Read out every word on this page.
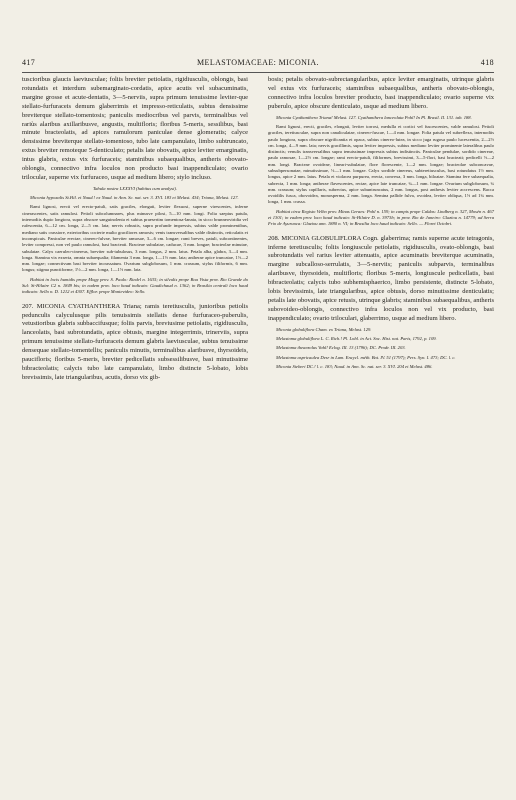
417	MELASTOMACEAE: MICONIA.	418

tuscioribus glaucis laeviusculae; foliis breviter petiolatis, rigidiusculis, oblongis, basi rotundatis et interdum subemarginato-cordatis, apice acutis vel subacuminatis, margine grosse et acute-dentatis, 3—5-nerviis, supra primum tenuissime leviter-que stellato-furfuraceis demum glaberrimis et impresso-reticulatis, subtus densissime breviterque stellato-tomentosis; paniculis mediocribus vel parvis, terminalibus vel rariùs alaribus axillaribusve, angustis, multifloris; floribus 5-meris, sessilibus, basi minute bracteolatis, ad apices ramulorum paniculae dense glomeratis; calyce densissime breviterque stellato-tomentoso, tubo late campanulato, limbo subtruncato, extus breviter remoteque 5-denticulato; petalis late obovatis, apice leviter emarginatis, intus glabris, extus vix furfuraceis; staminibus subaequalibus, antheris obovato-oblongis, connectivo infra loculos non producto basi inappendiculato; ovario trilocular, superne vix furfuraceo, usque ad medium libero; stylo incluso.

Tabula nostra LXXXVI (habitus cum analysi).

Miconia hypoxalis St.Hil. et Naud.! ex Naud. in Ann. Sc. nat. ser. 3. XVI. 183 et Melast. 434; Triana, Melast. 127.

Rami lignosi, erecti vel erecto-patuli, satis graciles, elongati, leviter flexuosi, superne virescentes, inferne cinerascentes, satis ramulosi. Petioli subcolumnares, plus minusve pilosi, 5—10 mm. longi. Folia saepius patula, internodiis dupio longiora, supra obscure sanguinolenta et subtus praesertim tomentosa-lanata, in sicco brunneoviridia vel rufescentia, 6—12 cm. longa, 2—5 cm. lata; nervis robustis, supra profunde impressis, subtus valde prominentibus, mediano satis crassiore, exterioribus cocterie multo graciliores ramosis; venis transversalibus valde distinctis, reticulatis et inconspicuis. Paniculae erectae, cinereo-fulvae, breviter ramosae, 3—6 cm. longae; rami breves, patuli, subcontinentes, leviter compressi, non vel paulo ramulosi, basi bracteati. Bracteae subulatae, caducae, 3 mm. longae; bracteolae minutae, subulatae. Calyx caeruleo-cinereus, breviter sub-tubulosus, 3 mm. longus, 2 mm. latus. Petala alba, glabra, 3—4 mm. longa. Stamina vix exserta, omnia subaequalia; filamenta 3 mm. longa, 1—1½ mm. lata; antherae apice truncatae, 1½—2 mm. longae; connectivum basi breviter incrassatum. Ovarium subglobosum, 1 mm. crassum, stylus filiformis, 6 mm. longus; stigma punctiforme, 1½—2 mm. longa, 1—1½ mm. lata.

Habitat in locis humidis prope Mogy prov. S. Paulo: Riedel n. 1635; in silvulis prope Boa Vista prov. Rio Grande do Sul: St-Hilaire C2 n. 1849 bis; in eadem prov. loco haud indicato: Gaudichaud n. 1362; in Brasilia centrali loco haud indicato: Sello n. D. 1212 et 4307. Efflor. prope Montevideo: Sello.

207. MICONIA CYATHANTHERA Triana; ramis teretiusculis, junioribus petiolis pedunculis calyculusque pilis tenuissimis stellatis dense furfuraceo-puberulis, vetustioribus glabris subbaccifusque; foliis parvis, breviusime petiolatis, rigidiusculis, lanceolatis, basi subrotundatis, apice obtusis, margine integerrimis, trinerviis, supra primum tenuissime stellato-furfuraceis demum glabris laeviusculae, subtus tenuissime densequae stellato-tomentellis; paniculis minutis, terminalibus alaribusve, thyrsoideis, paucifloris; floribus 5-meris, breviter pedicellatis subsessilibusve, basi minutissime bibracteolatis; calycis tubo late campanulato, limbo distincte 5-lobato, lobis brevissimis, late triangularibus, acutis, dorso vix gib-

bosis; petalis obovato-subrectangularibus, apice leviter emarginatis, utrinque glabris vel extus vix furfuraceis; staminibus subaequalibus, antheris obovato-oblongis, connectivo infra loculos breviter producto, basi inappendiculato; ovario superne vix puberulo, apice obscure denticulato, usque ad medium libero.

Miconia Cyathanthera Triana! Melast. 127. Cyathanthera lanceolata Pohl! In Pl. Brasil. II. 131. tab. 188.

Rami lignosi, erecti, graciles, elongati, leviter torrosi, medulla et cortici vel fuscescentes, valde ramulosi. Petioli graciles, teretiusculae, supra non canaliculatae, cinereo-fuscae, 1—4 mm. longae. Folia patula vel subreflexa, internodiis paulo longiora, supra obscure nigrificantia et opaca, subtus cinereo-lutea, in sicco juga rugosa paulo lucescentia, 2—2½ cm. longa, 4—9 mm. lata; nervis gracillimis, supra leviter impressis, subtus mediano leviter prominente lateralibus paulo distinctis; venulis transversalibus supra tenuissimae impressis subtus indistinctis. Paniculae pendulae, sordido cinereae, paulo ramosae, 1—2½ cm. longae; rami erecto-patuli, filiformes, brevissimi, 3—5-flori, basi bracteati; pedicelli ½—2 mm. longi. Bracteae ovoideae, lineari-subulatae, flore florescente, 1—2 mm. longae; bracteolae subconcavae, subsubpersonatae, minutissimae, ½—1 mm. longae. Calyx sordide cinereus, subteretiusculus, basi rotundatus 1½ mm. longus, apice 2 mm. latus. Petala et violacea purpurea, erecta, convexa, 3 mm. longa, biloatae. Stamina fere subaequalia, subrecta, 1 mm. longa; antherae flavescentes, rectae, apice late truncatae, ¾—1 mm. longae. Ovarium subglobosum, ¾ mm. crassum; stylus capillaris, subrectus, apice subuntruncatus, 2 mm. longus, post anthesis leviter accrescens. Bacca ovoidilis fusca, obovoidea, monosperma, 2 mm. longa. Semina pallide fulva, ovoidea, leviter obliqua, 1½ ad 1¾ mm. longa, 1 mm. crassa.

Habitat circa Registo Velho prov. Minas Geraes: Pohl n. 159; in campis prope Caldas: Lindberg n. 327, Mosén n. 467 et 1301; in eadem prov. loco haud indicato: St-Hilaire D. n. 3973b; in prov. Rio de Janeiro: Glaziou n. 14779; ad Serra Frio de Ayuruoca: Glaziou ann. 1880 n. VI; in Brasilia loco haud indicato: Sello. — Floret Octobri.

208. MICONIA GLOBULIFLORA Cogn. glaberrima; ramis superne acute tetragonis, inferne teretiusculis; foliis longiuscule petiolatis, rigidiusculis, ovato-oblongis, basi subrotundatis vel rarius leviter attenuatis, apice acuminatis breviterque acuminatis, margine subcalloso-serrulatis, 3—5-nerviis; paniculis subparvis, terminalibus alaribusve, thyrsoideis, multifloris; floribus 5-meris, longiuscule pedicellatis, basi bibracteolatis; calycis tubo subhemisphaerico, limbo persistente, distincte 5-lobato, lobis brevissimis, late triangularibus, apice obtusis, dorso minutissime denticulatis; petalis late obovatis, apice retusis, utrinque glabris; staminibus subaequalibus, antheris subovoideo-oblongis, connectivo infra loculos non vel vix producto, basi inappendiculato; ovario triloculari, glaberrimo, usque ad medium libero.

Miconia globuliflora Cham. ex Triana, Melast. 129.

Melastoma globuliflora L. C. Rich.! Pl. Lobl. in Act. Soc. Hist. nat. Paris, 1792, p. 109.

Melastoma theaezolus Vahl! Eclog. III. 13 (1796); DC. Prodr. III. 203.

Melastoma aspricaulea Desr in Lam. Encycl. méth. Bot. IV. 51 (1797); Pers. Syn. I. 473; DC. l. c.

Miconia Sieberi DC.! l. c. 183; Naud. in Ann. Sc. nat. ser. 3. XVI. 204 et Melast. 486.
